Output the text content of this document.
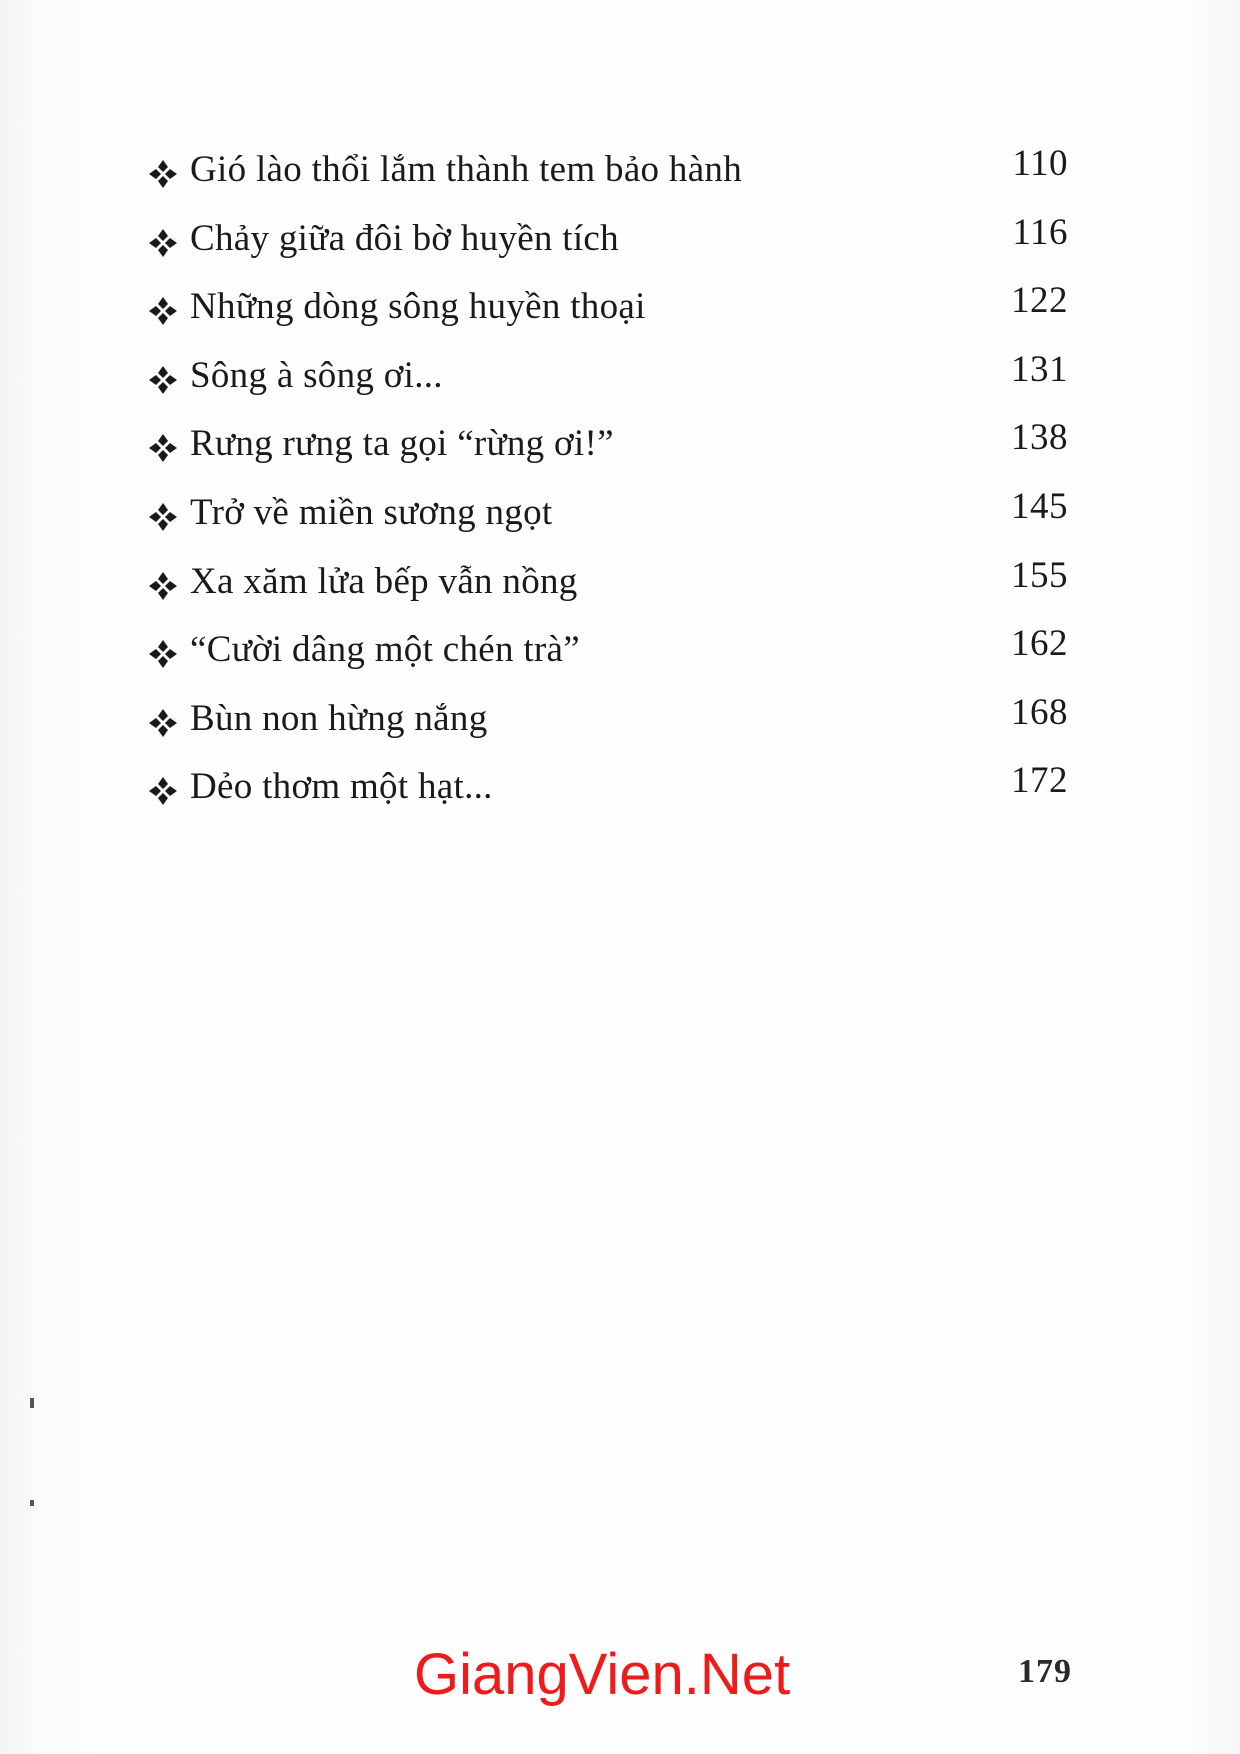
Gió lào thổi lắm thành tem bảo hành	110
Chảy giữa đôi bờ huyền tích	116
Những dòng sông huyền thoại	122
Sông à sông ơi...	131
Rưng rưng ta gọi “rừng ơi!”	138
Trở về miền sương ngọt	145
Xa xăm lửa bếp vẫn nồng	155
“Cười dâng một chén trà”	162
Bùn non hừng nắng	168
Dẻo thơm một hạt...	172
GiangVien.Net	179
